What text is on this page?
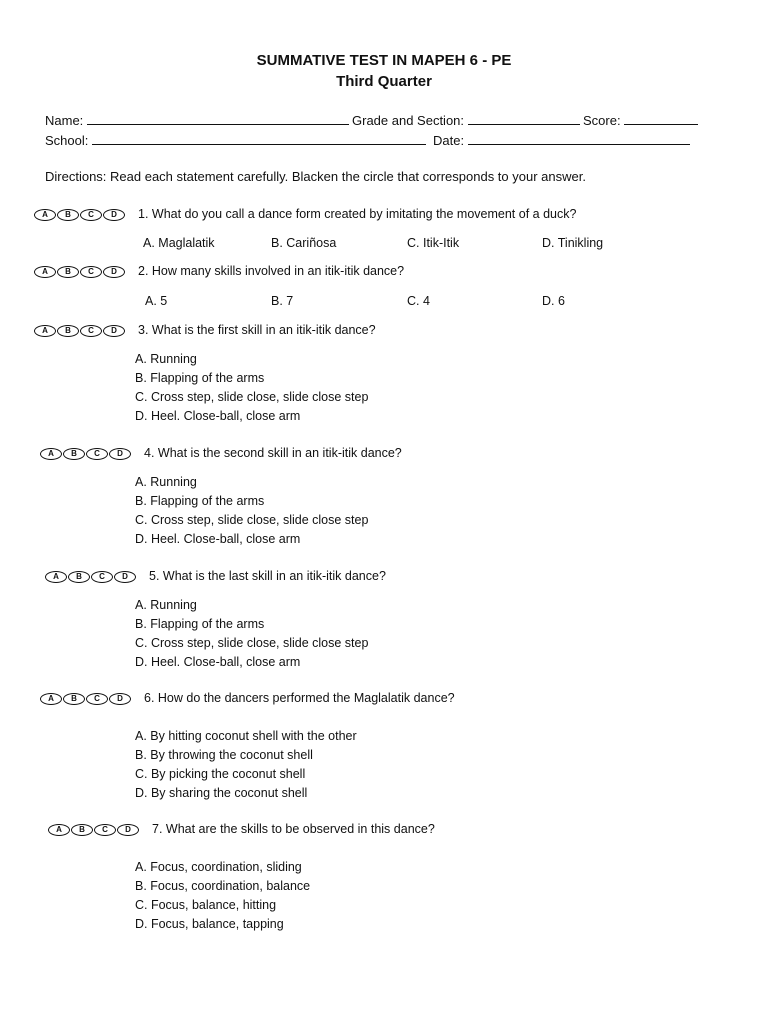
SUMMATIVE TEST IN MAPEH 6 - PE
Third Quarter
Name:	Grade and Section:	Score:
School:	Date:
Directions: Read each statement carefully. Blacken the circle that corresponds to your answer.
A	B	C	D	1. What do you call a dance form created by imitating the movement of a duck?
A. Maglalatik	B. Cariñosa	C. Itik-Itik	D. Tinikling
A	B	C	D	2. How many skills involved in an itik-itik dance?
A. 5	B. 7	C. 4	D. 6
A	B	C	D	3. What is the first skill in an itik-itik dance?
A. Running
B. Flapping of the arms
C. Cross step, slide close, slide close step
D. Heel. Close-ball, close arm
A	B	C	D	4. What is the second skill in an itik-itik dance?
A. Running
B. Flapping of the arms
C. Cross step, slide close, slide close step
D. Heel. Close-ball, close arm
A	B	C	D	5. What is the last skill in an itik-itik dance?
A. Running
B. Flapping of the arms
C. Cross step, slide close, slide close step
D. Heel. Close-ball, close arm
A	B	C	D	6. How do the dancers performed the Maglalatik dance?
A. By hitting coconut shell with the other
B. By throwing the coconut shell
C. By picking the coconut shell
D. By sharing the coconut shell
A	B	C	D	7. What are the skills to be observed in this dance?
A. Focus, coordination, sliding
B. Focus, coordination, balance
C. Focus, balance, hitting
D. Focus, balance, tapping
